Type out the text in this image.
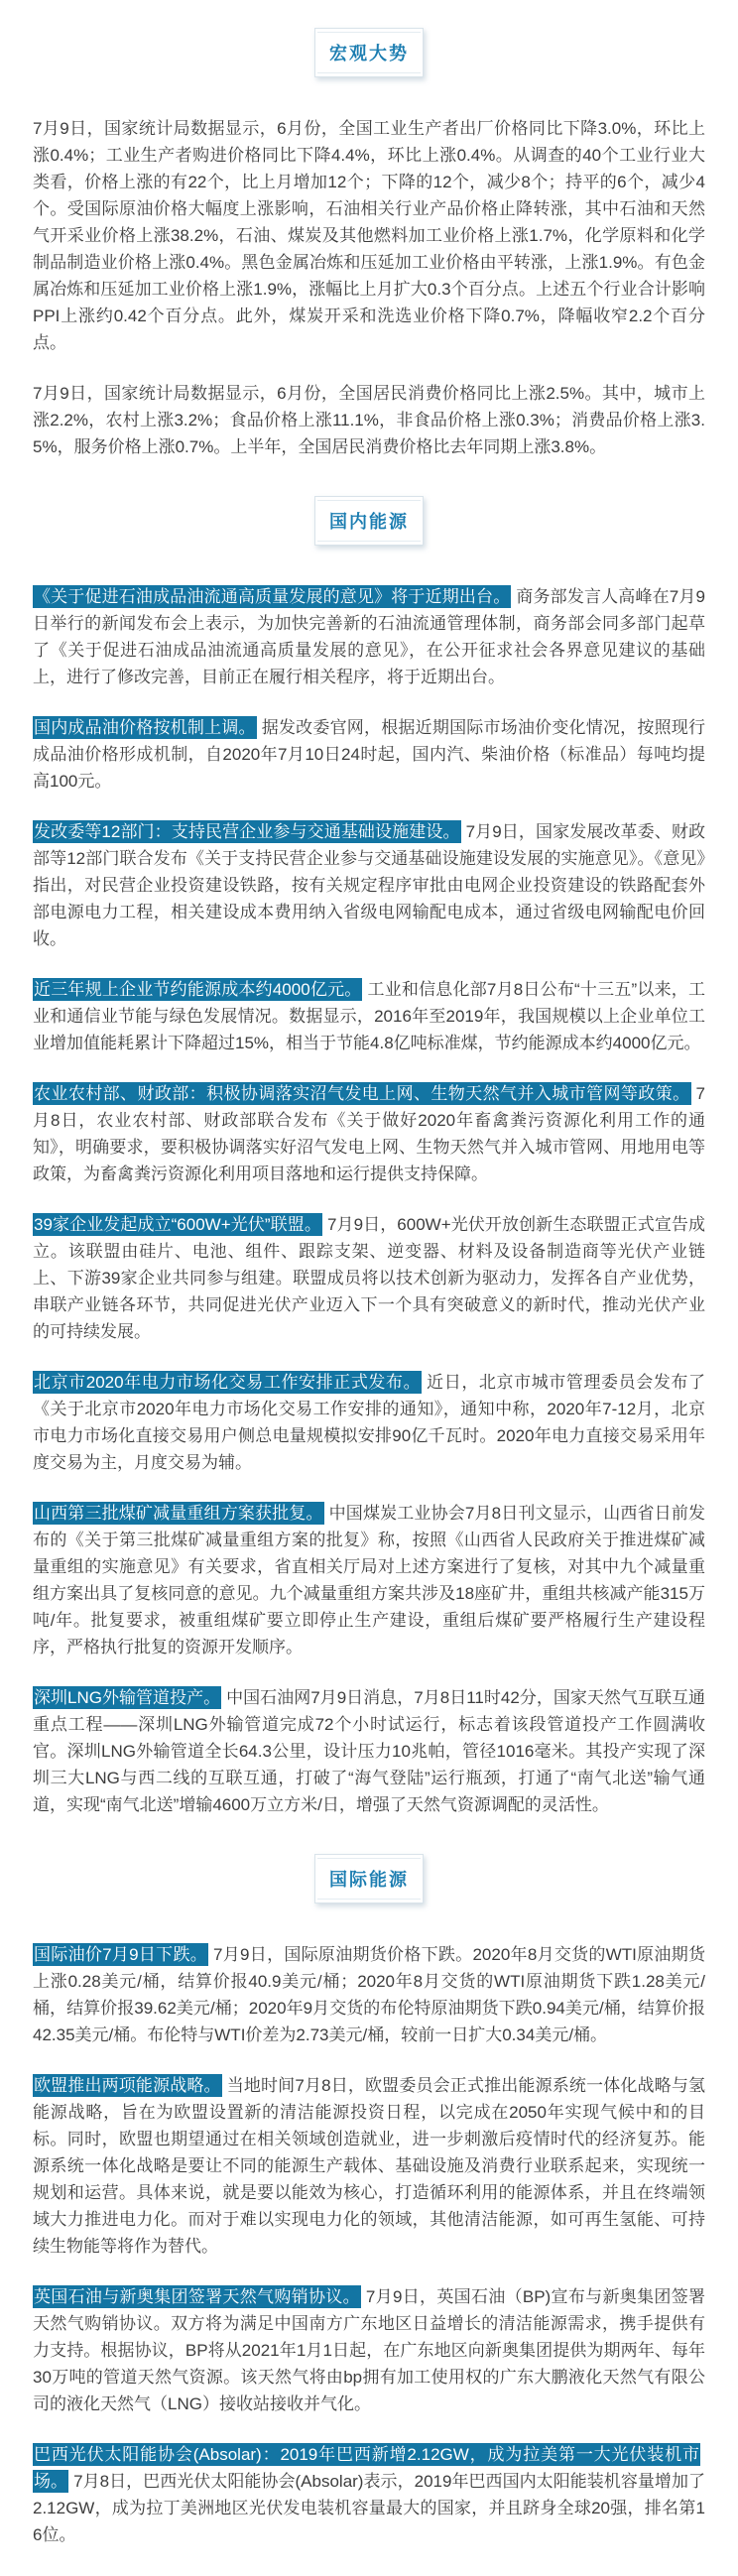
宏观大势

7月9日，国家统计局数据显示，6月份，全国工业生产者出厂价格同比下降3.0%，环比上涨0.4%；工业生产者购进价格同比下降4.4%，环比上涨0.4%。从调查的40个工业行业大类看，价格上涨的有22个，比上月增加12个；下降的12个，减少8个；持平的6个，减少4个。受国际原油价格大幅度上涨影响，石油相关行业产品价格止降转涨，其中石油和天然气开采业价格上涨38.2%，石油、煤炭及其他燃料加工业价格上涨1.7%，化学原料和化学制品制造业价格上涨0.4%。黑色金属冶炼和压延加工业价格由平转涨，上涨1.9%。有色金属冶炼和压延加工业价格上涨1.9%，涨幅比上月扩大0.3个百分点。上述五个行业合计影响PPI上涨约0.42个百分点。此外，煤炭开采和洗选业价格下降0.7%，降幅收窄2.2个百分点。

7月9日，国家统计局数据显示，6月份，全国居民消费价格同比上涨2.5%。其中，城市上涨2.2%，农村上涨3.2%；食品价格上涨11.1%，非食品价格上涨0.3%；消费品价格上涨3.5%，服务价格上涨0.7%。上半年，全国居民消费价格比去年同期上涨3.8%。

国内能源

《关于促进石油成品油流通高质量发展的意见》将于近期出台。 商务部发言人高峰在7月9日举行的新闻发布会上表示，为加快完善新的石油流通管理体制，商务部会同多部门起草了《关于促进石油成品油流通高质量发展的意见》，在公开征求社会各界意见建议的基础上，进行了修改完善，目前正在履行相关程序，将于近期出台。

国内成品油价格按机制上调。 据发改委官网，根据近期国际市场油价变化情况，按照现行成品油价格形成机制，自2020年7月10日24时起，国内汽、柴油价格（标准品）每吨均提高100元。

发改委等12部门：支持民营企业参与交通基础设施建设。 7月9日，国家发展改革委、财政部等12部门联合发布《关于支持民营企业参与交通基础设施建设发展的实施意见》。《意见》指出，对民营企业投资建设铁路，按有关规定程序审批由电网企业投资建设的铁路配套外部电源电力工程，相关建设成本费用纳入省级电网输配电成本，通过省级电网输配电价回收。

近三年规上企业节约能源成本约4000亿元。 工业和信息化部7月8日公布“十三五”以来，工业和通信业节能与绿色发展情况。数据显示，2016年至2019年，我国规模以上企业单位工业增加值能耗累计下降超过15%，相当于节能4.8亿吨标准煤，节约能源成本约4000亿元。

农业农村部、财政部：积极协调落实沼气发电上网、生物天然气并入城市管网等政策。 7月8日，农业农村部、财政部联合发布《关于做好2020年畜禽粪污资源化利用工作的通知》，明确要求，要积极协调落实好沼气发电上网、生物天然气并入城市管网、用地用电等政策，为畜禽粪污资源化利用项目落地和运行提供支持保障。

39家企业发起成立“600W+光伏”联盟。 7月9日，600W+光伏开放创新生态联盟正式宣告成立。该联盟由硅片、电池、组件、跟踪支架、逆变器、材料及设备制造商等光伏产业链上、下游39家企业共同参与组建。联盟成员将以技术创新为驱动力，发挥各自产业优势，串联产业链各环节，共同促进光伏产业迈入下一个具有突破意义的新时代，推动光伏产业的可持续发展。

北京市2020年电力市场化交易工作安排正式发布。 近日，北京市城市管理委员会发布了《关于北京市2020年电力市场化交易工作安排的通知》，通知中称，2020年7-12月，北京市电力市场化直接交易用户侧总电量规模拟安排90亿千瓦时。2020年电力直接交易采用年度交易为主，月度交易为辅。

山西第三批煤矿减量重组方案获批复。 中国煤炭工业协会7月8日刊文显示，山西省日前发布的《关于第三批煤矿减量重组方案的批复》称，按照《山西省人民政府关于推进煤矿减量重组的实施意见》有关要求，省直相关厅局对上述方案进行了复核，对其中九个减量重组方案出具了复核同意的意见。九个减量重组方案共涉及18座矿井，重组共核减产能315万吨/年。批复要求，被重组煤矿要立即停止生产建设，重组后煤矿要严格履行生产建设程序，严格执行批复的资源开发顺序。

深圳LNG外输管道投产。 中国石油网7月9日消息，7月8日11时42分，国家天然气互联互通重点工程——深圳LNG外输管道完成72个小时试运行，标志着该段管道投产工作圆满收官。深圳LNG外输管道全长64.3公里，设计压力10兆帕，管径1016毫米。其投产实现了深圳三大LNG与西二线的互联互通，打破了“海气登陆”运行瓶颈，打通了“南气北送”输气通道，实现“南气北送”增输4600万立方米/日，增强了天然气资源调配的灵活性。

国际能源

国际油价7月9日下跌。 7月9日，国际原油期货价格下跌。2020年8月交货的WTI原油期货上涨0.28美元/桶，结算价报40.9美元/桶；2020年8月交货的WTI原油期货下跌1.28美元/桶，结算价报39.62美元/桶；2020年9月交货的布伦特原油期货下跌0.94美元/桶，结算价报42.35美元/桶。布伦特与WTI价差为2.73美元/桶，较前一日扩大0.34美元/桶。

欧盟推出两项能源战略。 当地时间7月8日，欧盟委员会正式推出能源系统一体化战略与氢能源战略，旨在为欧盟设置新的清洁能源投资日程，以完成在2050年实现气候中和的目标。同时，欧盟也期望通过在相关领域创造就业，进一步刺激后疫情时代的经济复苏。能源系统一体化战略是要让不同的能源生产载体、基础设施及消费行业联系起来，实现统一规划和运营。具体来说，就是要以能效为核心，打造循环利用的能源体系，并且在终端领域大力推进电力化。而对于难以实现电力化的领域，其他清洁能源，如可再生氢能、可持续生物能等将作为替代。

英国石油与新奥集团签署天然气购销协议。 7月9日，英国石油（BP)宣布与新奥集团签署天然气购销协议。双方将为满足中国南方广东地区日益增长的清洁能源需求，携手提供有力支持。根据协议，BP将从2021年1月1日起，在广东地区向新奥集团提供为期两年、每年30万吨的管道天然气资源。该天然气将由bp拥有加工使用权的广东大鹏液化天然气有限公司的液化天然气（LNG）接收站接收并气化。

巴西光伏太阳能协会(Absolar)：2019年巴西新增2.12GW，成为拉美第一大光伏装机市场。 7月8日，巴西光伏太阳能协会(Absolar)表示，2019年巴西国内太阳能装机容量增加了2.12GW，成为拉丁美洲地区光伏发电装机容量最大的国家，并且跻身全球20强，排名第16位。
